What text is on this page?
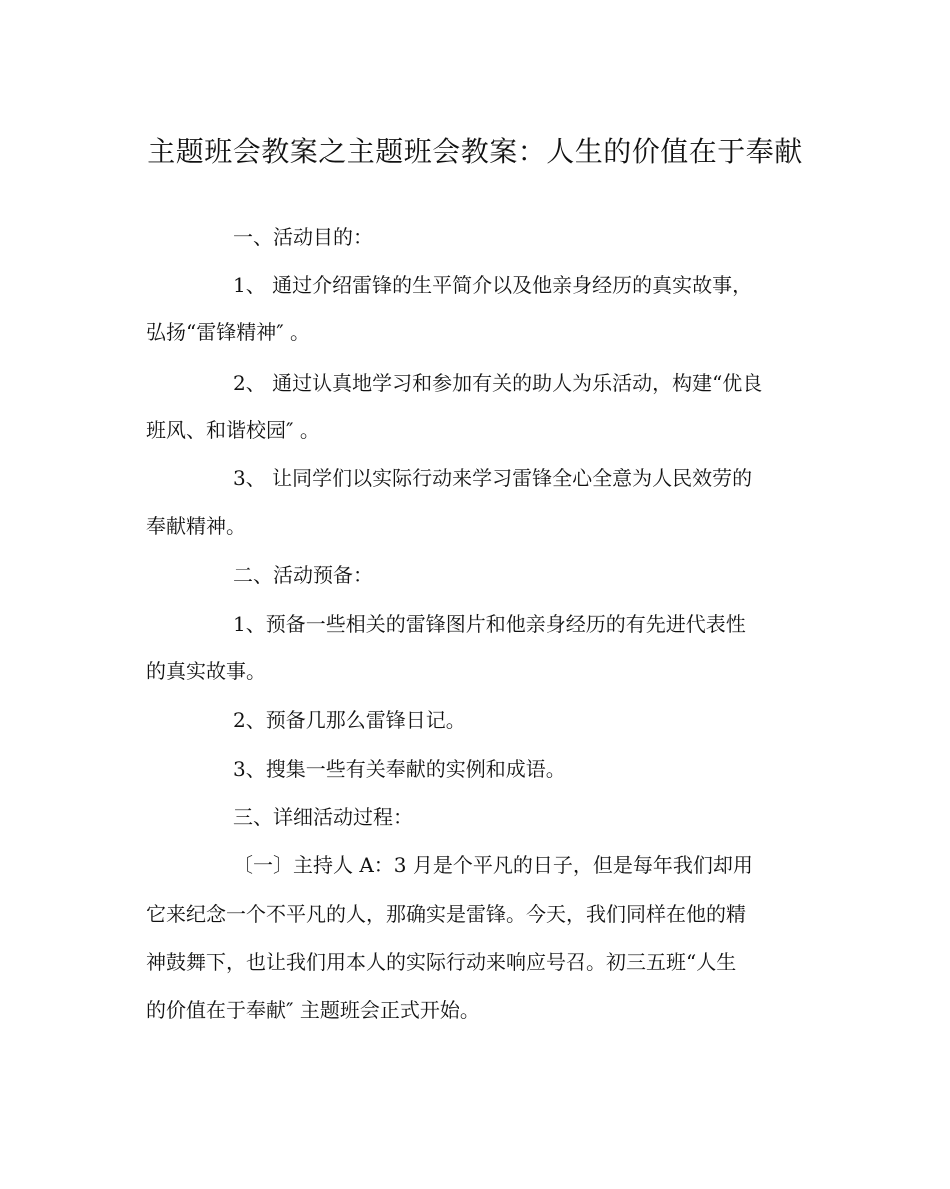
主题班会教案之主题班会教案：人生的价值在于奉献
一、活动目的：
1、 通过介绍雷锋的生平简介以及他亲身经历的真实故事，
弘扬“雷锋精神″ 。
2、 通过认真地学习和参加有关的助人为乐活动，构建“优良
班风、和谐校园″ 。
3、 让同学们以实际行动来学习雷锋全心全意为人民效劳的
奉献精神。
二、活动预备：
1、预备一些相关的雷锋图片和他亲身经历的有先进代表性
的真实故事。
2、预备几那么雷锋日记。
3、搜集一些有关奉献的实例和成语。
三、详细活动过程：
〔一〕主持人 A：3 月是个平凡的日子，但是每年我们却用
它来纪念一个不平凡的人，那确实是雷锋。今天，我们同样在他的精
神鼓舞下，也让我们用本人的实际行动来响应号召。初三五班“人生
的价值在于奉献″ 主题班会正式开始。
